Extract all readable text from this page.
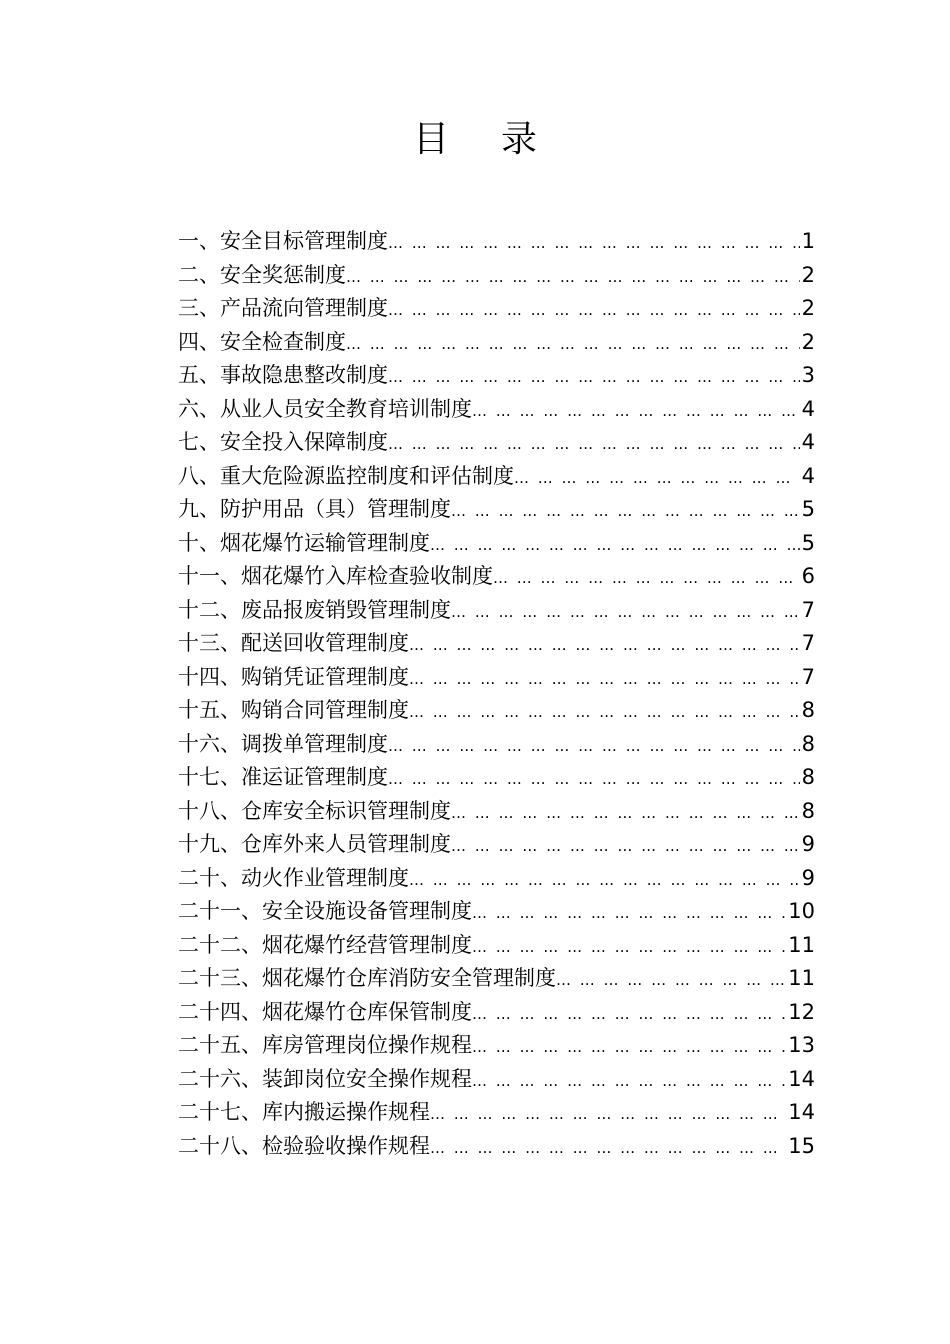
目 录
一、安全目标管理制度 … … … … … … … … … … … … … … … … … … … … … … … … … … … … … … … … … … … … … … … … … … …	1
二、安全奖惩制度 … … … … … … … … … … … … … … … … … … … … … … … … … … … … … … … … … … … … … … … … … … …	2
三、产品流向管理制度 … … … … … … … … … … … … … … … … … … … … … … … … … … … … … … … … … … … … … … … … … … …	2
四、安全检查制度 … … … … … … … … … … … … … … … … … … … … … … … … … … … … … … … … … … … … … … … … … … …	2
五、事故隐患整改制度 … … … … … … … … … … … … … … … … … … … … … … … … … … … … … … … … … … … … … … … … … … …	3
六、从业人员安全教育培训制度 … … … … … … … … … … … … … … … … … … … … … … … … … … … … … … … … … … … … … … … … … … …	4
七、安全投入保障制度 … … … … … … … … … … … … … … … … … … … … … … … … … … … … … … … … … … … … … … … … … … …	4
八、重大危险源监控制度和评估制度 … … … … … … … … … … … … … … … … … … … … … … … … … … … … … … … … … … … … … … … … … … …	4
九、防护用品（具）管理制度 … … … … … … … … … … … … … … … … … … … … … … … … … … … … … … … … … … … … … … … … … … …	5
十、烟花爆竹运输管理制度 … … … … … … … … … … … … … … … … … … … … … … … … … … … … … … … … … … … … … … … … … … …	5
十一、烟花爆竹入库检查验收制度 … … … … … … … … … … … … … … … … … … … … … … … … … … … … … … … … … … … … … … … … … … …	6
十二、废品报废销毁管理制度 … … … … … … … … … … … … … … … … … … … … … … … … … … … … … … … … … … … … … … … … … … …	7
十三、配送回收管理制度 … … … … … … … … … … … … … … … … … … … … … … … … … … … … … … … … … … … … … … … … … … …	7
十四、购销凭证管理制度 … … … … … … … … … … … … … … … … … … … … … … … … … … … … … … … … … … … … … … … … … … …	7
十五、购销合同管理制度 … … … … … … … … … … … … … … … … … … … … … … … … … … … … … … … … … … … … … … … … … … …	8
十六、调拨单管理制度 … … … … … … … … … … … … … … … … … … … … … … … … … … … … … … … … … … … … … … … … … … …	8
十七、准运证管理制度 … … … … … … … … … … … … … … … … … … … … … … … … … … … … … … … … … … … … … … … … … … …	8
十八、仓库安全标识管理制度 … … … … … … … … … … … … … … … … … … … … … … … … … … … … … … … … … … … … … … … … … … …	8
十九、仓库外来人员管理制度 … … … … … … … … … … … … … … … … … … … … … … … … … … … … … … … … … … … … … … … … … … …	9
二十、动火作业管理制度 … … … … … … … … … … … … … … … … … … … … … … … … … … … … … … … … … … … … … … … … … … …	9
二十一、安全设施设备管理制度 … … … … … … … … … … … … … … … … … … … … … … … … … … … … … … … … … … … … … … … … … … …	10
二十二、烟花爆竹经营管理制度 … … … … … … … … … … … … … … … … … … … … … … … … … … … … … … … … … … … … … … … … … … …	11
二十三、烟花爆竹仓库消防安全管理制度 … … … … … … … … … … … … … … … … … … … … … … … … … … … … … … … … … … … … … … … … … … …	11
二十四、烟花爆竹仓库保管制度 … … … … … … … … … … … … … … … … … … … … … … … … … … … … … … … … … … … … … … … … … … …	12
二十五、库房管理岗位操作规程 … … … … … … … … … … … … … … … … … … … … … … … … … … … … … … … … … … … … … … … … … … …	13
二十六、装卸岗位安全操作规程 … … … … … … … … … … … … … … … … … … … … … … … … … … … … … … … … … … … … … … … … … … …	14
二十七、库内搬运操作规程 … … … … … … … … … … … … … … … … … … … … … … … … … … … … … … … … … … … … … … … … … … …	14
二十八、检验验收操作规程 … … … … … … … … … … … … … … … … … … … … … … … … … … … … … … … … … … … … … … … … … … …	15
